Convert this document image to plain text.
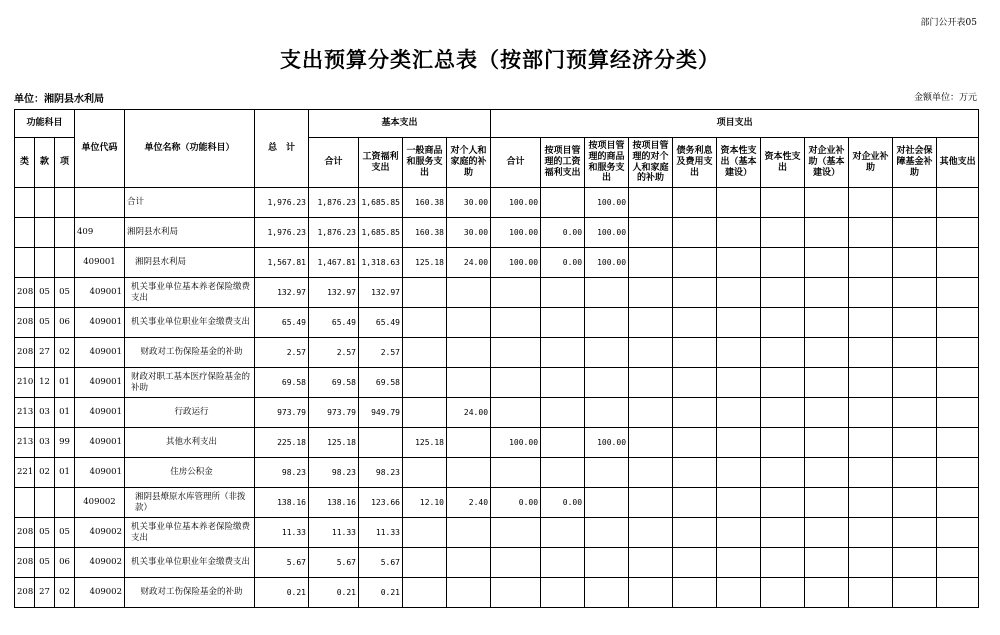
部门公开表05
支出预算分类汇总表（按部门预算经济分类）
单位：湘阴县水利局	金额单位：万元
功能科目			单位代码	单位名称（功能科目）	总　计	基本支出				项目支出										
类	款	项				合计	工资福利支出	一般商品和服务支出	对个人和家庭的补助	合计	按项目管理的工资福利支出	按项目管理的商品和服务支出	按项目管理的对个人和家庭的补助	债务利息及费用支出	资本性支出（基本建设）	资本性支出	对企业补助（基本建设）	对企业补助	对社会保障基金补助	其他支出
				合计	1,976.23	1,876.23	1,685.85	160.38	30.00	100.00		100.00								
			409	湘阴县水利局	1,976.23	1,876.23	1,685.85	160.38	30.00	100.00	0.00	100.00								
			409001	湘阴县水利局	1,567.81	1,467.81	1,318.63	125.18	24.00	100.00	0.00	100.00								
208	05	05	409001	机关事业单位基本养老保险缴费支出	132.97	132.97	132.97													
208	05	06	409001	机关事业单位职业年金缴费支出	65.49	65.49	65.49													
208	27	02	409001	财政对工伤保险基金的补助	2.57	2.57	2.57													
210	12	01	409001	财政对职工基本医疗保险基金的补助	69.58	69.58	69.58													
213	03	01	409001	行政运行	973.79	973.79	949.79		24.00											
213	03	99	409001	其他水利支出	225.18	125.18		125.18		100.00		100.00								
221	02	01	409001	住房公积金	98.23	98.23	98.23													
			409002	湘阴县燎原水库管理所（非拨款）	138.16	138.16	123.66	12.10	2.40	0.00	0.00									
208	05	05	409002	机关事业单位基本养老保险缴费支出	11.33	11.33	11.33													
208	05	06	409002	机关事业单位职业年金缴费支出	5.67	5.67	5.67													
208	27	02	409002	财政对工伤保险基金的补助	0.21	0.21	0.21													
